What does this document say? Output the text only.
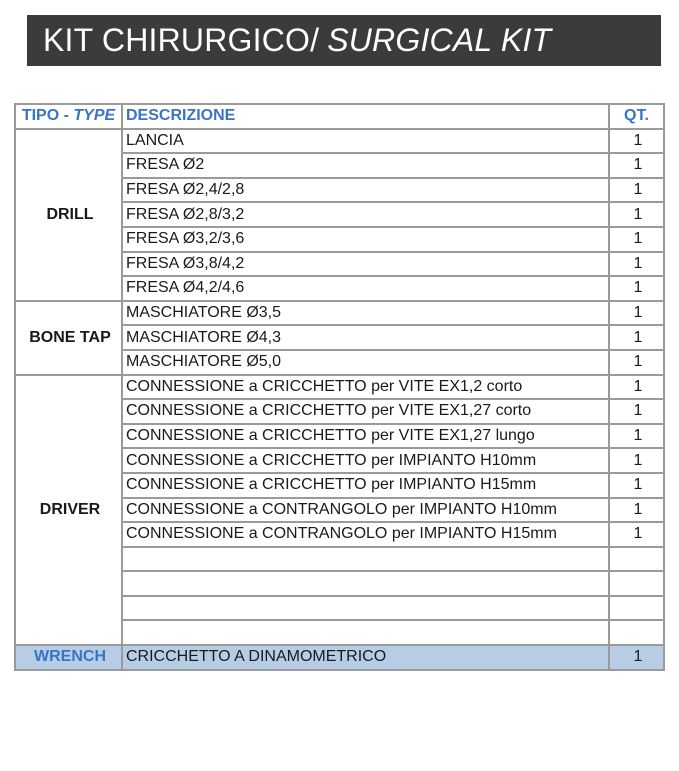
KIT CHIRURGICO/ SURGICAL KIT
TIPO - TYPE	DESCRIZIONE	QT.
DRILL	LANCIA	1
	FRESA Ø2	1
	FRESA Ø2,4/2,8	1
	FRESA Ø2,8/3,2	1
	FRESA Ø3,2/3,6	1
	FRESA Ø3,8/4,2	1
	FRESA Ø4,2/4,6	1
BONE TAP	MASCHIATORE Ø3,5	1
	MASCHIATORE Ø4,3	1
	MASCHIATORE Ø5,0	1
DRIVER	CONNESSIONE a CRICCHETTO per VITE EX1,2 corto	1
	CONNESSIONE a CRICCHETTO per VITE EX1,27 corto	1
	CONNESSIONE a CRICCHETTO per VITE EX1,27 lungo	1
	CONNESSIONE a CRICCHETTO per IMPIANTO H10mm	1
	CONNESSIONE a CRICCHETTO per IMPIANTO H15mm	1
	CONNESSIONE a CONTRANGOLO per IMPIANTO H10mm	1
	CONNESSIONE a CONTRANGOLO per IMPIANTO H15mm	1

WRENCH	CRICCHETTO A DINAMOMETRICO	1
